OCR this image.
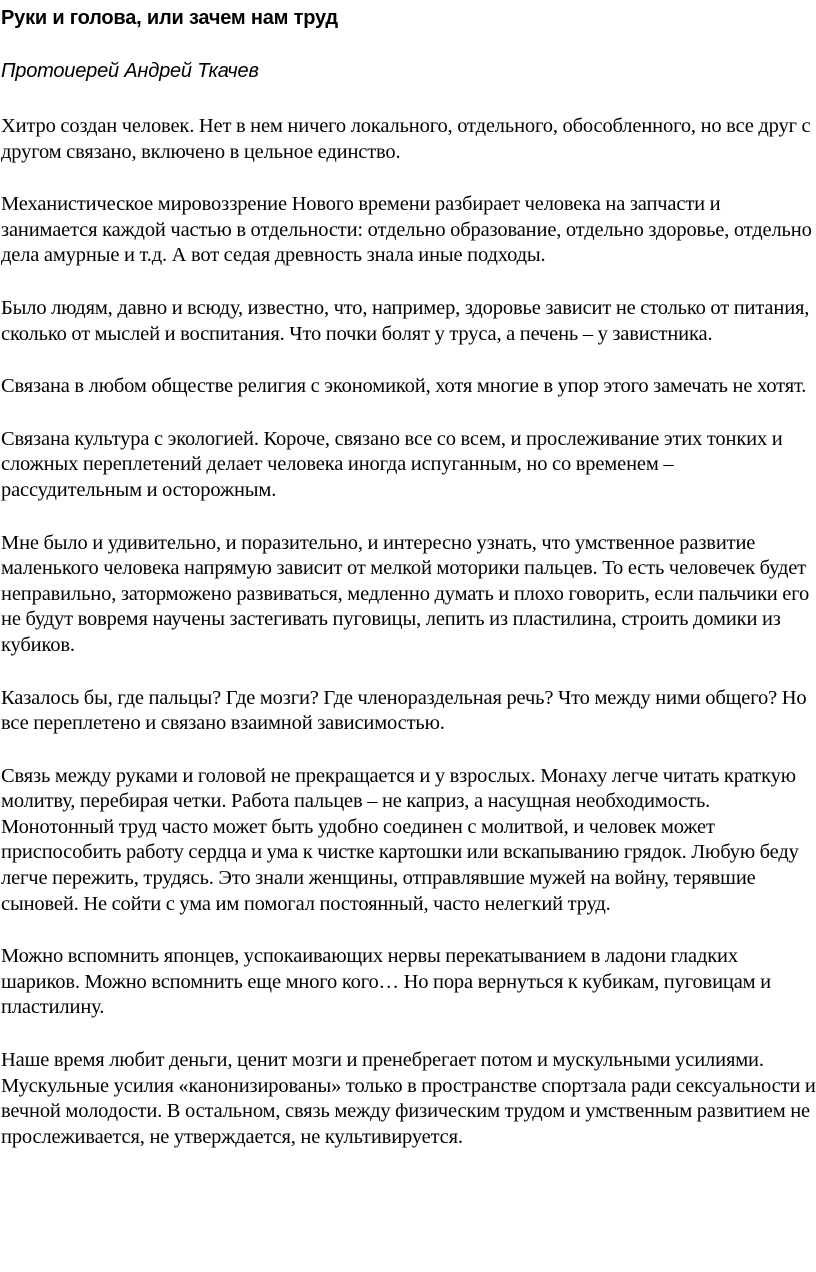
Руки и голова, или зачем нам труд

Протоиерей Андрей Ткачев

Хитро создан человек. Нет в нем ничего локального, отдельного, обособленного, но все друг с другом связано, включено в цельное единство.

Механистическое мировоззрение Нового времени разбирает человека на запчасти и занимается каждой частью в отдельности: отдельно образование, отдельно здоровье, отдельно дела амурные и т.д. А вот седая древность знала иные подходы.

Было людям, давно и всюду, известно, что, например, здоровье зависит не столько от питания, сколько от мыслей и воспитания. Что почки болят у труса, а печень – у завистника.

Связана в любом обществе религия с экономикой, хотя многие в упор этого замечать не хотят.

Связана культура с экологией. Короче, связано все со всем, и прослеживание этих тонких и сложных переплетений делает человека иногда испуганным, но со временем – рассудительным и осторожным.

Мне было и удивительно, и поразительно, и интересно узнать, что умственное развитие маленького человека напрямую зависит от мелкой моторики пальцев. То есть человечек будет неправильно, заторможено развиваться, медленно думать и плохо говорить, если пальчики его не будут вовремя научены застегивать пуговицы, лепить из пластилина, строить домики из кубиков.

Казалось бы, где пальцы? Где мозги? Где членораздельная речь? Что между ними общего? Но все переплетено и связано взаимной зависимостью.

Связь между руками и головой не прекращается и у взрослых. Монаху легче читать краткую молитву, перебирая четки. Работа пальцев – не каприз, а насущная необходимость. Монотонный труд часто может быть удобно соединен с молитвой, и человек может приспособить работу сердца и ума к чистке картошки или вскапыванию грядок. Любую беду легче пережить, трудясь. Это знали женщины, отправлявшие мужей на войну, терявшие сыновей. Не сойти с ума им помогал постоянный, часто нелегкий труд.

Можно вспомнить японцев, успокаивающих нервы перекатыванием в ладони гладких шариков. Можно вспомнить еще много кого… Но пора вернуться к кубикам, пуговицам и пластилину.

Наше время любит деньги, ценит мозги и пренебрегает потом и мускульными усилиями. Мускульные усилия «канонизированы» только в пространстве спортзала ради сексуальности и вечной молодости. В остальном, связь между физическим трудом и умственным развитием не прослеживается, не утверждается, не культивируется.
